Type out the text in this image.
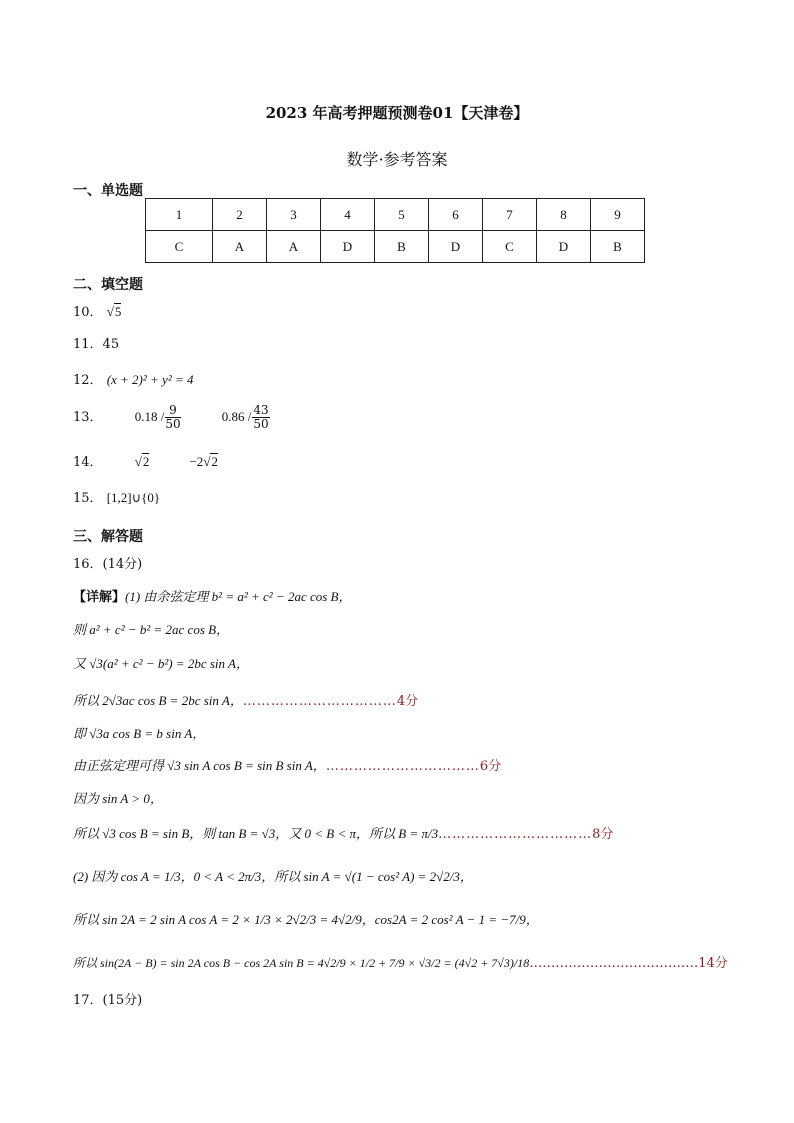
2023 年高考押题预测卷01【天津卷】
数学·参考答案
一、单选题
1	2	3	4	5	6	7	8	9
C	A	A	D	B	D	C	D	B
二、填空题
10． √5
11．45
12． (x + 2)² + y² = 4
13． $0.18 / \frac{9}{50}$	$0.86 / \frac{43}{50}$
14． √2	−2√2
15． [1,2]∪{0}
三、解答题
16．(14分)
【详解】(1) 由余弦定理 b² = a² + c² − 2ac cos B，
则 a² + c² − b² = 2ac cos B，
又 √3(a² + c² − b²) = 2bc sin A，
所以 2√3ac cos B = 2bc sin A，……………………………4分
即 √3a cos B = b sin A，
由正弦定理可得 √3 sin A cos B = sin B sin A，……………………………6分
因为 sin A > 0，
所以 √3 cos B = sin B，则 tan B = √3，又 0 < B < π，所以 B = π/3……………………………8分
(2) 因为 cos A = 1/3，0 < A < 2π/3，所以 sin A = √(1 − cos² A) = 2√2/3，
所以 sin 2A = 2 sin A cos A = 2 × 1/3 × 2√2/3 = 4√2/9，cos2A = 2 cos² A − 1 = −7/9，
所以 sin(2A − B) = sin 2A cos B − cos 2A sin B = 4√2/9 × 1/2 + 7/9 × √3/2 = (4√2 + 7√3)/18…………………………………14分
17．(15分)
